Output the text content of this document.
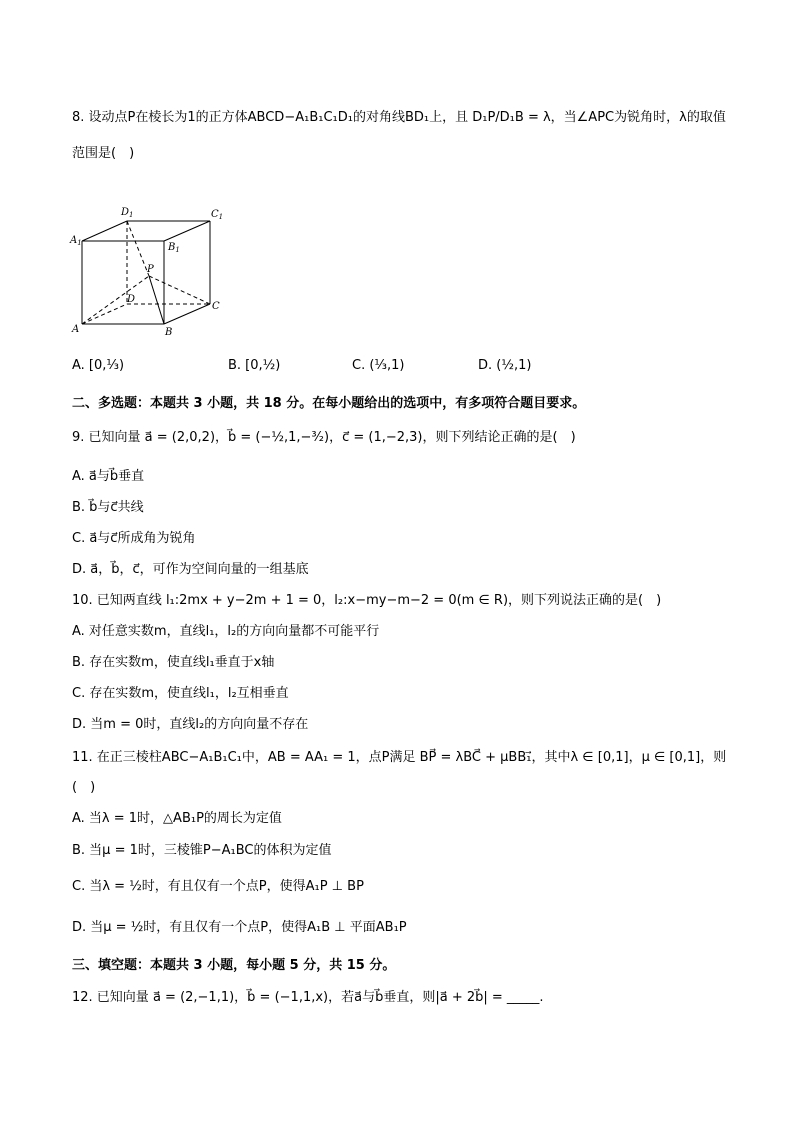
8. 设动点P在棱长为1的正方体ABCD−A₁B₁C₁D₁的对角线BD₁上，且 D₁P/D₁B = λ，当∠APC为锐角时，λ的取值
范围是(　)
$D_1$	$C_1$
$A_1$	$B_1$
P
D
C
A	B
A. [0,⅓)	B. [0,½)	C. (⅓,1)	D. (½,1)
二、多选题：本题共 3 小题，共 18 分。在每小题给出的选项中，有多项符合题目要求。
9. 已知向量 a⃗ = (2,0,2)，b⃗ = (−½,1,−³⁄₂)，c⃗ = (1,−2,3)，则下列结论正确的是(　)
A. a⃗与b⃗垂直
B. b⃗与c⃗共线
C. a⃗与c⃗所成角为锐角
D. a⃗，b⃗，c⃗，可作为空间向量的一组基底
10. 已知两直线 l₁:2mx + y−2m + 1 = 0，l₂:x−my−m−2 = 0(m ∈ R)，则下列说法正确的是(　)
A. 对任意实数m，直线l₁，l₂的方向向量都不可能平行
B. 存在实数m，使直线l₁垂直于x轴
C. 存在实数m，使直线l₁，l₂互相垂直
D. 当m = 0时，直线l₂的方向向量不存在
11. 在正三棱柱ABC−A₁B₁C₁中，AB = AA₁ = 1，点P满足 BP⃗ = λBC⃗ + μBB₁⃗，其中λ ∈ [0,1]，μ ∈ [0,1]，则
(　)
A. 当λ = 1时，△AB₁P的周长为定值
B. 当μ = 1时，三棱锥P−A₁BC的体积为定值
C. 当λ = ½时，有且仅有一个点P，使得A₁P ⊥ BP
D. 当μ = ½时，有且仅有一个点P，使得A₁B ⊥ 平面AB₁P
三、填空题：本题共 3 小题，每小题 5 分，共 15 分。
12. 已知向量 a⃗ = (2,−1,1)，b⃗ = (−1,1,x)，若a⃗与b⃗垂直，则|a⃗ + 2b⃗| = _____.
